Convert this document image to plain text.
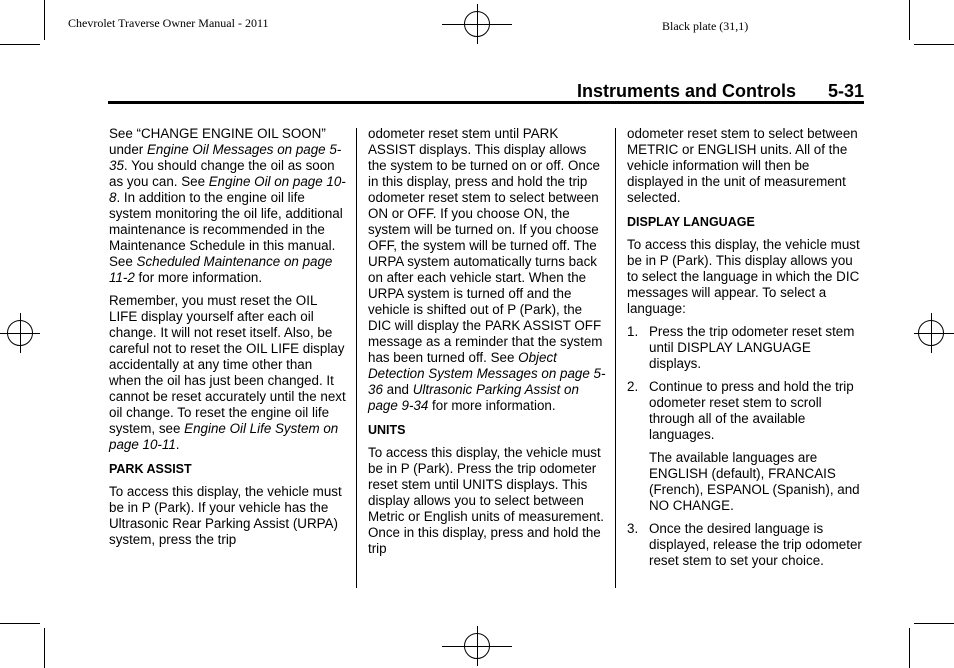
Chevrolet Traverse Owner Manual - 2011	Black plate (31,1)
Instruments and Controls 5-31

See “CHANGE ENGINE OIL SOON” under Engine Oil Messages on page 5-35. You should change the oil as soon as you can. See Engine Oil on page 10-8. In addition to the engine oil life system monitoring the oil life, additional maintenance is recommended in the Maintenance Schedule in this manual. See Scheduled Maintenance on page 11-2 for more information.

Remember, you must reset the OIL LIFE display yourself after each oil change. It will not reset itself. Also, be careful not to reset the OIL LIFE display accidentally at any time other than when the oil has just been changed. It cannot be reset accurately until the next oil change. To reset the engine oil life system, see Engine Oil Life System on page 10-11.

PARK ASSIST

To access this display, the vehicle must be in P (Park). If your vehicle has the Ultrasonic Rear Parking Assist (URPA) system, press the trip

odometer reset stem until PARK ASSIST displays. This display allows the system to be turned on or off. Once in this display, press and hold the trip odometer reset stem to select between ON or OFF. If you choose ON, the system will be turned on. If you choose OFF, the system will be turned off. The URPA system automatically turns back on after each vehicle start. When the URPA system is turned off and the vehicle is shifted out of P (Park), the DIC will display the PARK ASSIST OFF message as a reminder that the system has been turned off. See Object Detection System Messages on page 5-36 and Ultrasonic Parking Assist on page 9-34 for more information.

UNITS

To access this display, the vehicle must be in P (Park). Press the trip odometer reset stem until UNITS displays. This display allows you to select between Metric or English units of measurement. Once in this display, press and hold the trip

odometer reset stem to select between METRIC or ENGLISH units. All of the vehicle information will then be displayed in the unit of measurement selected.

DISPLAY LANGUAGE

To access this display, the vehicle must be in P (Park). This display allows you to select the language in which the DIC messages will appear. To select a language:

1. Press the trip odometer reset stem until DISPLAY LANGUAGE displays.
2. Continue to press and hold the trip odometer reset stem to scroll through all of the available languages.

The available languages are ENGLISH (default), FRANCAIS (French), ESPANOL (Spanish), and NO CHANGE.

3. Once the desired language is displayed, release the trip odometer reset stem to set your choice.
